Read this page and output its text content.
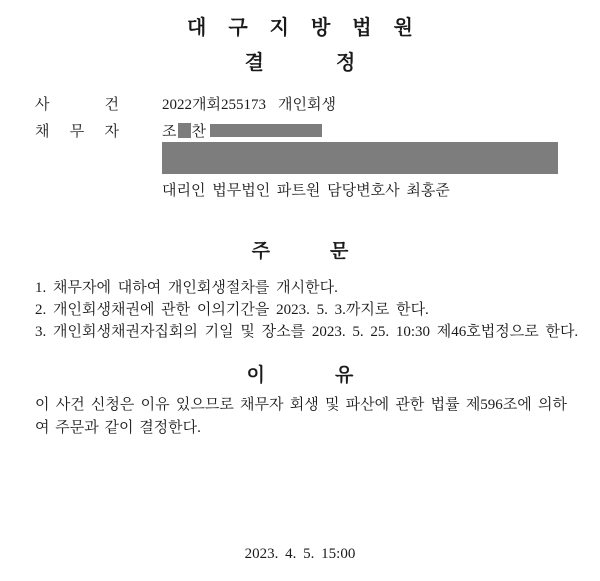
대구지방법원
결정
사 건	2022개회255173 개인회생
채 무 자	조 찬
대리인 법무법인 파트원 담당변호사 최홍준
주문
1. 채무자에 대하여 개인회생절차를 개시한다.
2. 개인회생채권에 관한 이의기간을 2023. 5. 3.까지로 한다.
3. 개인회생채권자집회의 기일 및 장소를 2023. 5. 25. 10:30 제46호법정으로 한다.
이유
이 사건 신청은 이유 있으므로 채무자 회생 및 파산에 관한 법률 제596조에 의하여 주문과 같이 결정한다.
2023. 4. 5. 15:00
